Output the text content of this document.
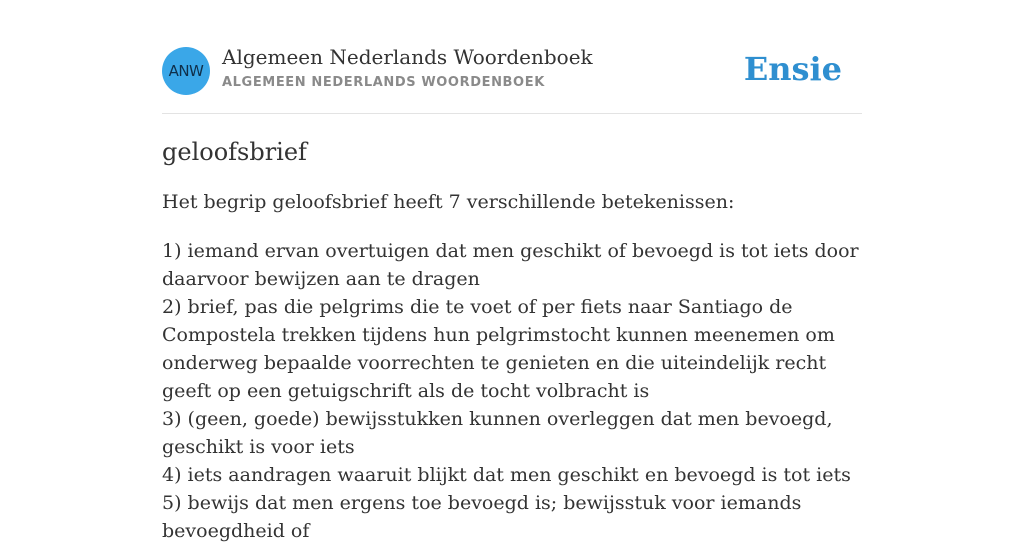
ANW
Algemeen Nederlands Woordenboek
ALGEMEEN NEDERLANDS WOORDENBOEK	Ensie
geloofsbrief

Het begrip geloofsbrief heeft 7 verschillende betekenissen:

1) iemand ervan overtuigen dat men geschikt of bevoegd is tot iets door daarvoor bewijzen aan te dragen
2) brief, pas die pelgrims die te voet of per fiets naar Santiago de Compostela trekken tijdens hun pelgrimstocht kunnen meenemen om onderweg bepaalde voorrechten te genieten en die uiteindelijk recht geeft op een getuigschrift als de tocht volbracht is
3) (geen, goede) bewijsstukken kunnen overleggen dat men bevoegd, geschikt is voor iets
4) iets aandragen waaruit blijkt dat men geschikt en bevoegd is tot iets
5) bewijs dat men ergens toe bevoegd is; bewijsstuk voor iemands bevoegdheid of
